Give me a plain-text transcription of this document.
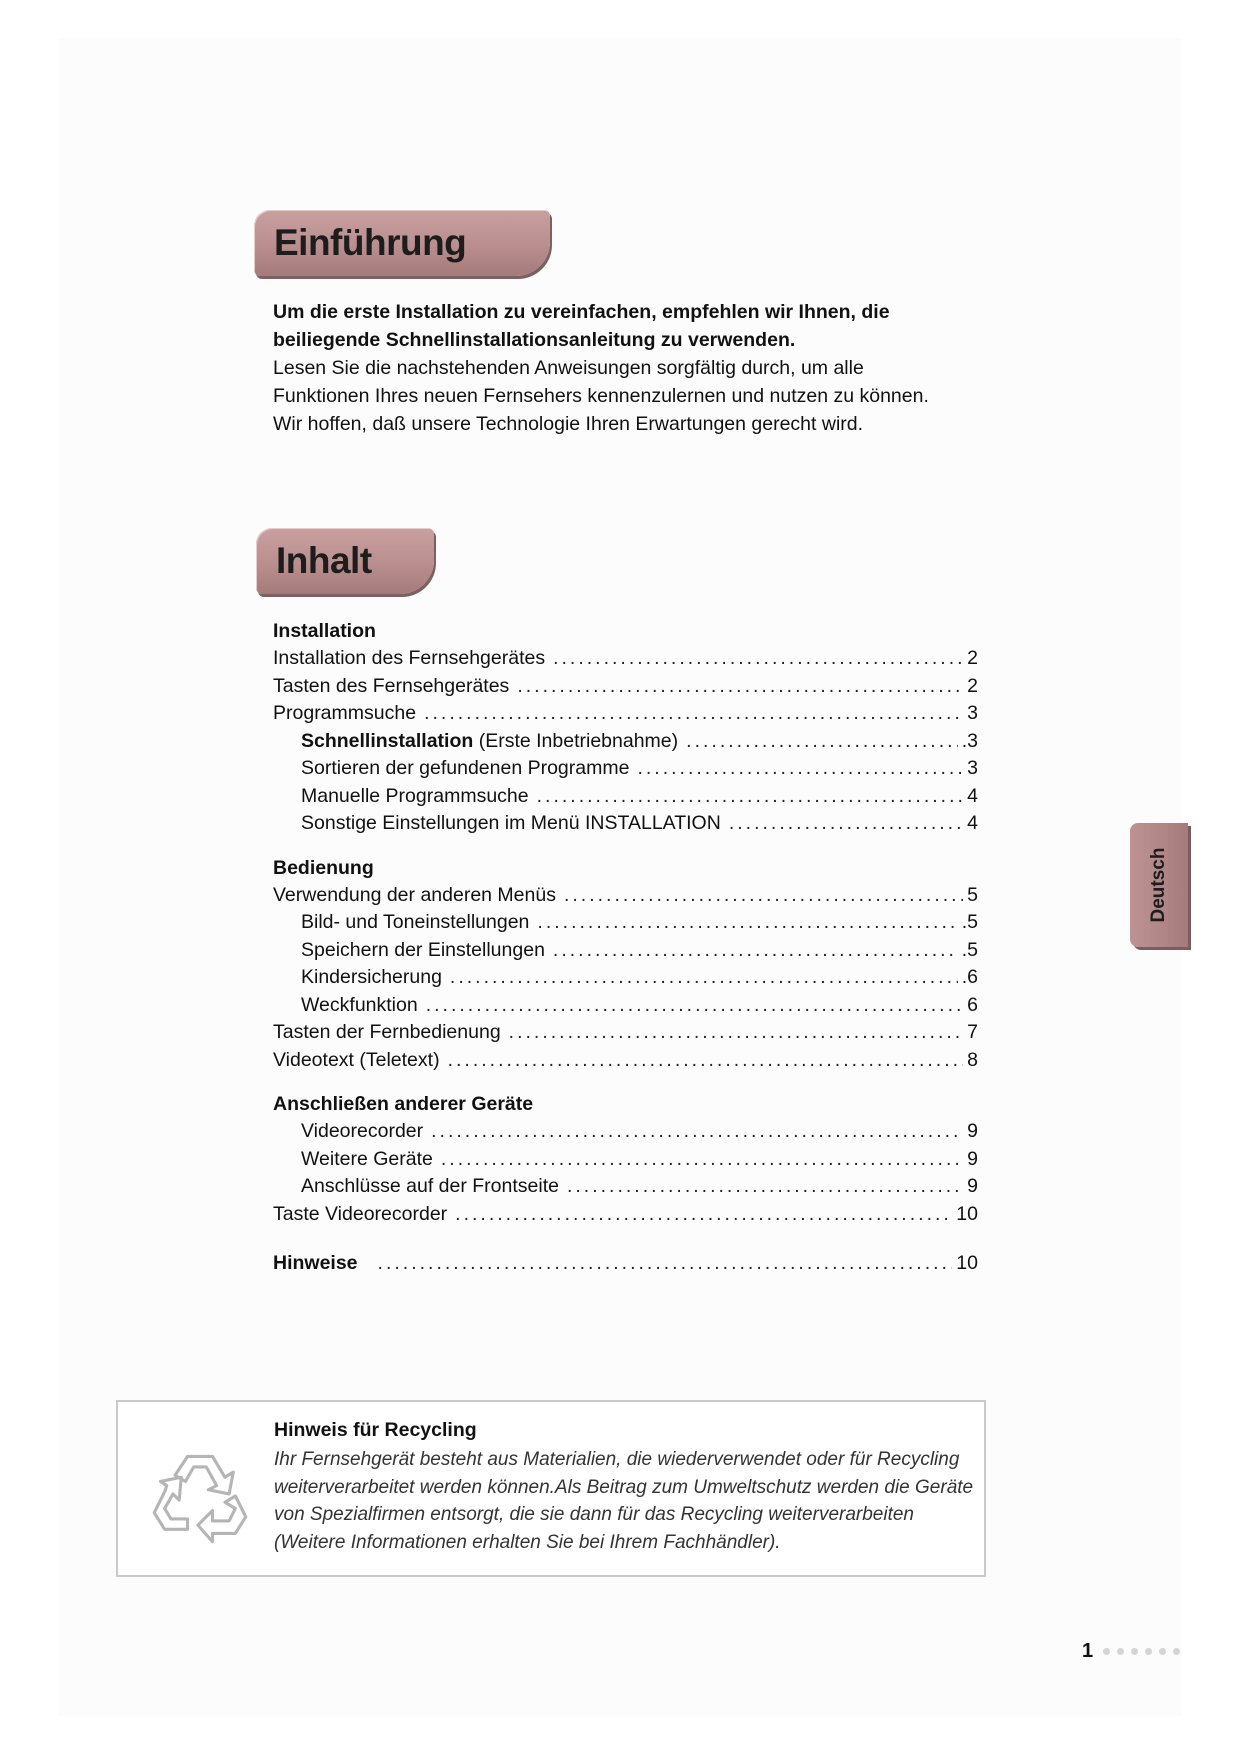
Einführung

Um die erste Installation zu vereinfachen, empfehlen wir Ihnen, die

beiliegende Schnellinstallationsanleitung zu verwenden.

Lesen Sie die nachstehenden Anweisungen sorgfältig durch, um alle

Funktionen Ihres neuen Fernsehers kennenzulernen und nutzen zu können.

Wir hoffen, daß unsere Technologie Ihren Erwartungen gerecht wird.

Inhalt
Installation
Installation des Fernsehgerätes .....	2
Tasten des Fernsehgerätes .....	2
Programmsuche .....	3
Schnellinstallation (Erste Inbetriebnahme) .....	.3
Sortieren der gefundenen Programme .....	3
Manuelle Programmsuche .....	4
Sonstige Einstellungen im Menü INSTALLATION .....	4
Bedienung
Verwendung der anderen Menüs .....	5
Bild- und Toneinstellungen .....	.5
Speichern der Einstellungen .....	.5
Kindersicherung .....	.6
Weckfunktion .....	6
Tasten der Fernbedienung .....	7
Videotext (Teletext) .....	8
Anschließen anderer Geräte
Videorecorder .....	9
Weitere Geräte .....	9
Anschlüsse auf der Frontseite .....	9
Taste Videorecorder .....	10
Hinweise .....	10
Deutsch
Hinweis für Recycling
Ihr Fernsehgerät besteht aus Materialien, die wiederverwendet oder für Recycling
weiterverarbeitet werden können.Als Beitrag zum Umweltschutz werden die Geräte
von Spezialfirmen entsorgt, die sie dann für das Recycling weiterverarbeiten
(Weitere Informationen erhalten Sie bei Ihrem Fachhändler).
1
